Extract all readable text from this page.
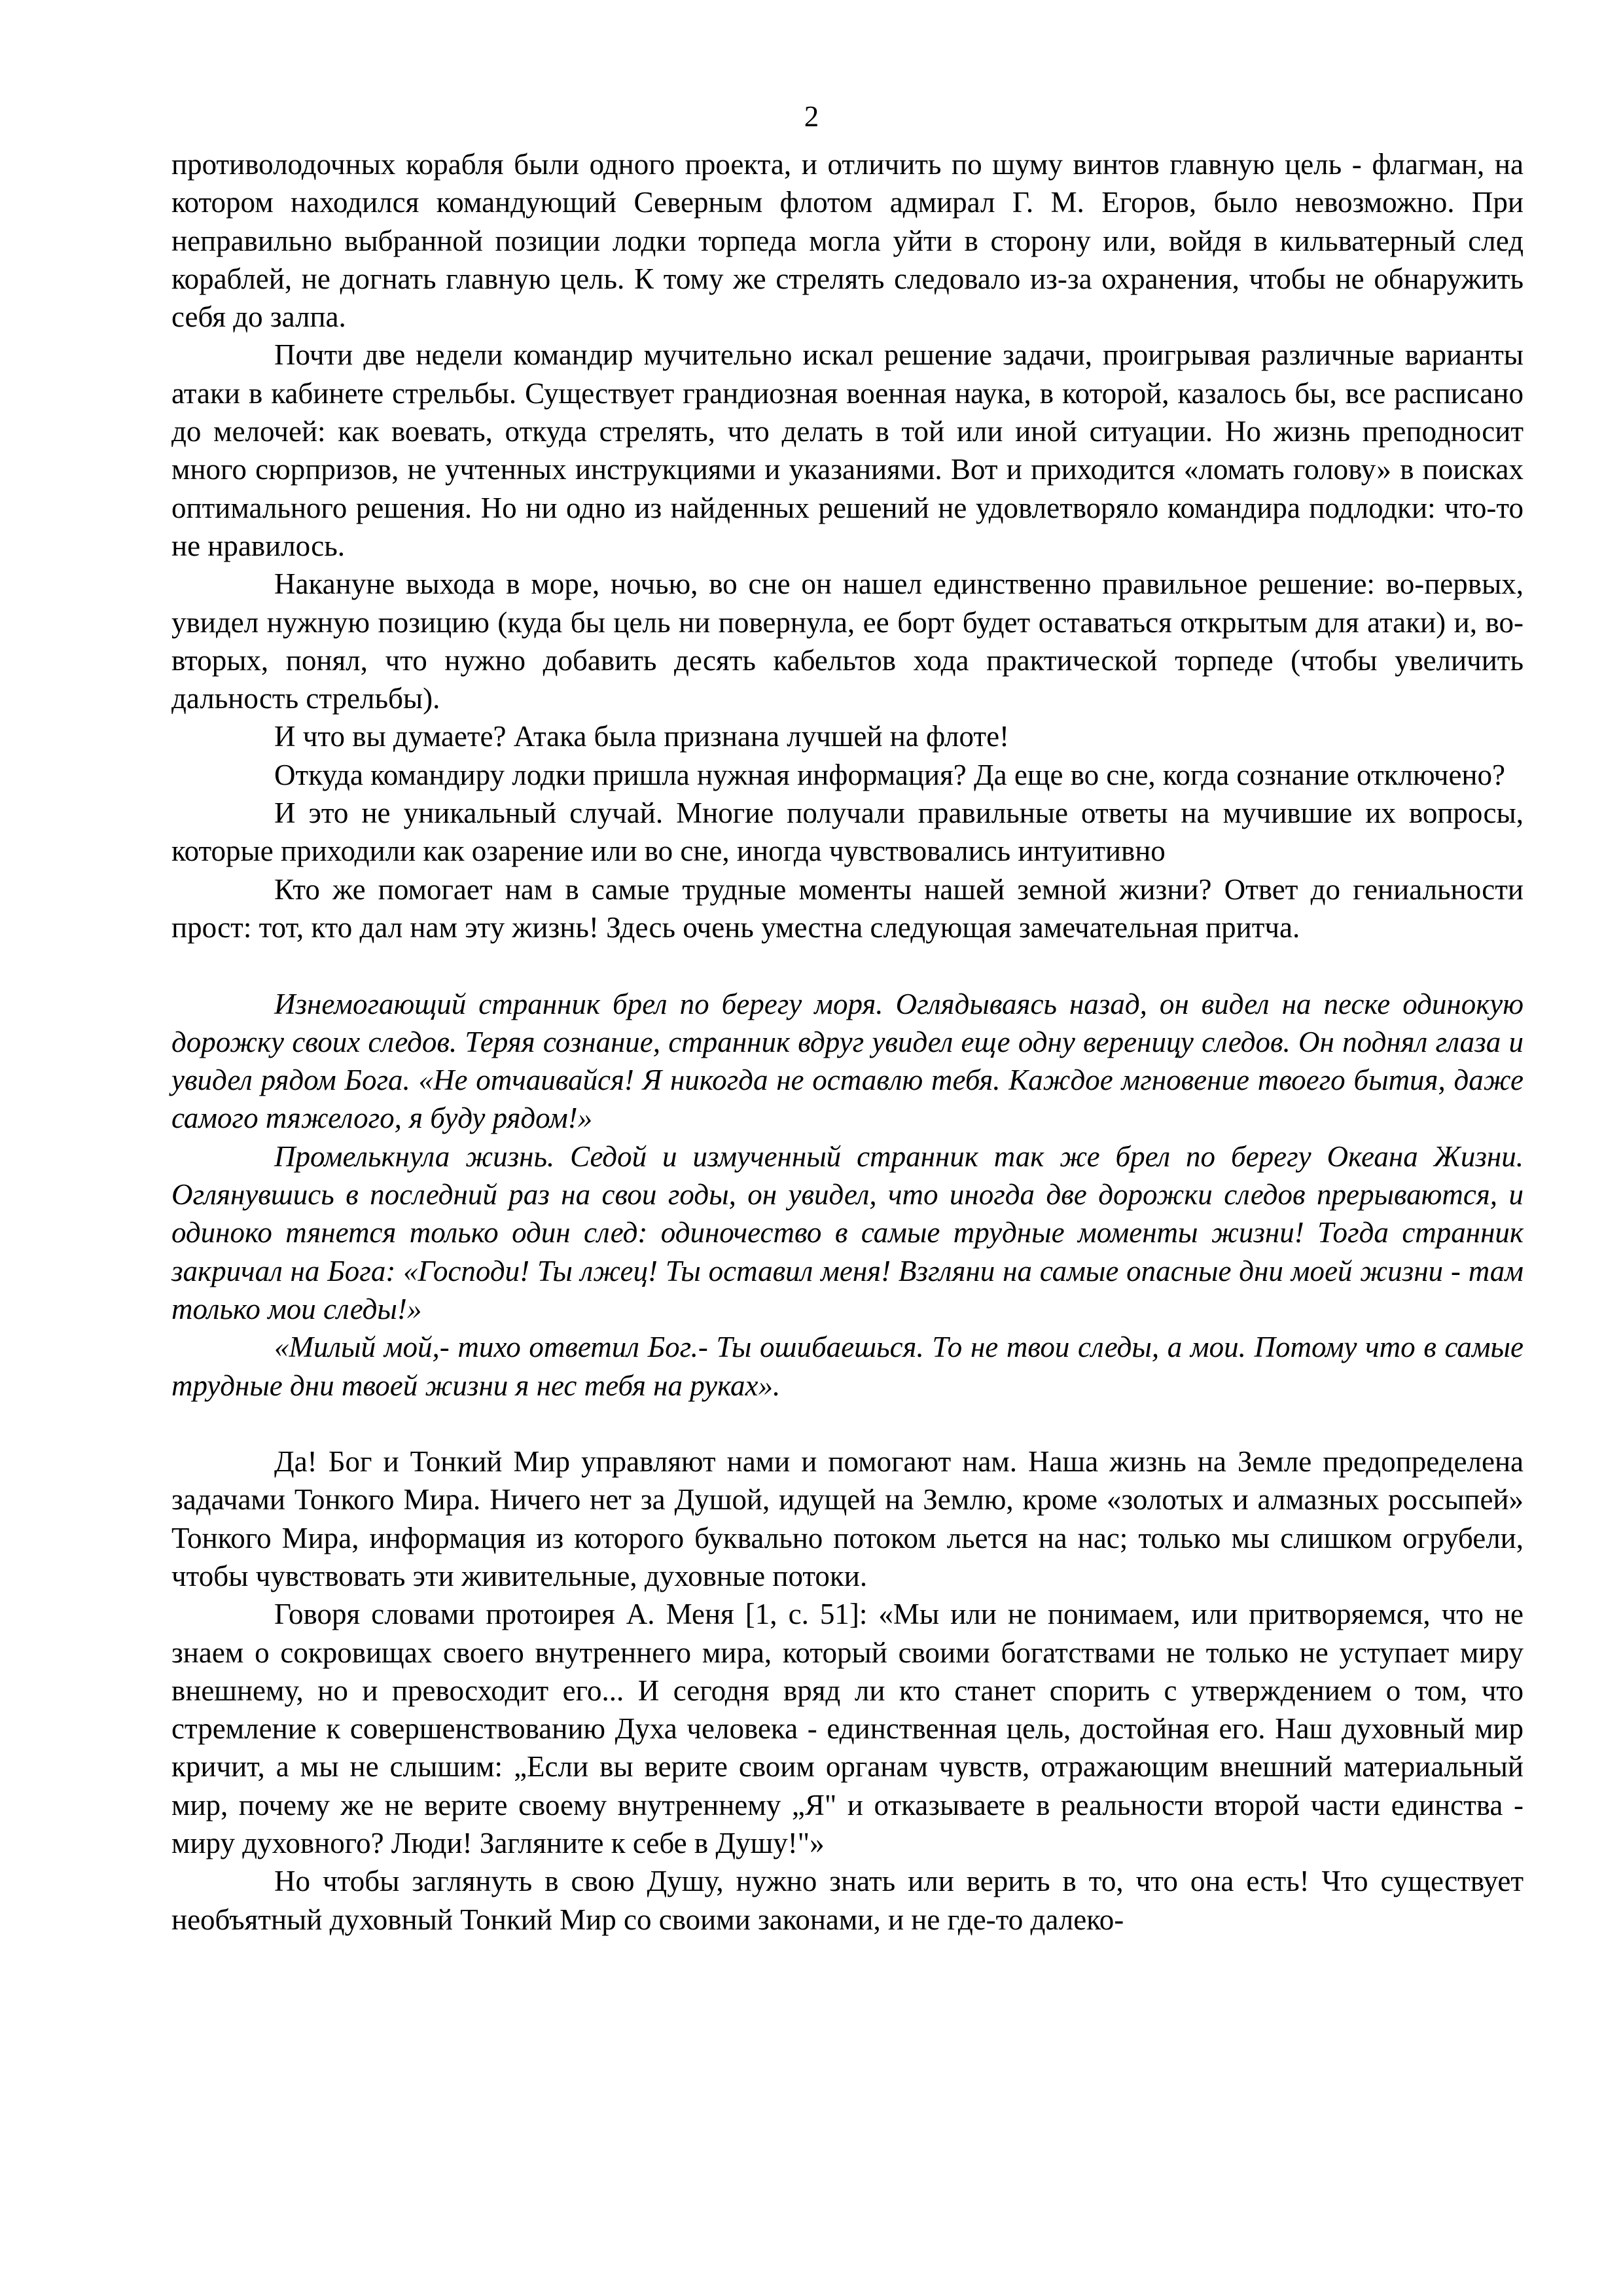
2

противолодочных корабля были одного проекта, и отличить по шуму винтов главную цель - флагман, на котором находился командующий Северным флотом адмирал Г. М. Егоров, было невозможно. При неправильно выбранной позиции лодки торпеда могла уйти в сторону или, войдя в кильватерный след кораблей, не догнать главную цель. К тому же стрелять следовало из-за охранения, чтобы не обнаружить себя до залпа.

Почти две недели командир мучительно искал решение задачи, проигрывая различные варианты атаки в кабинете стрельбы. Существует грандиозная военная наука, в которой, казалось бы, все расписано до мелочей: как воевать, откуда стрелять, что делать в той или иной ситуации. Но жизнь преподносит много сюрпризов, не учтенных инструкциями и указаниями. Вот и приходится «ломать голову» в поисках оптимального решения. Но ни одно из найденных решений не удовлетворяло командира подлодки: что-то не нравилось.

Накануне выхода в море, ночью, во сне он нашел единственно правильное решение: во-первых, увидел нужную позицию (куда бы цель ни повернула, ее борт будет оставаться открытым для атаки) и, во-вторых, понял, что нужно добавить десять кабельтов хода практической торпеде (чтобы увеличить дальность стрельбы).

И что вы думаете? Атака была признана лучшей на флоте!

Откуда командиру лодки пришла нужная информация? Да еще во сне, когда сознание отключено?

И это не уникальный случай. Многие получали правильные ответы на мучившие их вопросы, которые приходили как озарение или во сне, иногда чувствовались интуитивно

Кто же помогает нам в самые трудные моменты нашей земной жизни? Ответ до гениальности прост: тот, кто дал нам эту жизнь! Здесь очень уместна следующая замечательная притча.

Изнемогающий странник брел по берегу моря. Оглядываясь назад, он видел на песке одинокую дорожку своих следов. Теряя сознание, странник вдруг увидел еще одну вереницу следов. Он поднял глаза и увидел рядом Бога. «Не отчаивайся! Я никогда не оставлю тебя. Каждое мгновение твоего бытия, даже самого тяжелого, я буду рядом!»

Промелькнула жизнь. Седой и измученный странник так же брел по берегу Океана Жизни. Оглянувшись в последний раз на свои годы, он увидел, что иногда две дорожки следов прерываются, и одиноко тянется только один след: одиночество в самые трудные моменты жизни! Тогда странник закричал на Бога: «Господи! Ты лжец! Ты оставил меня! Взгляни на самые опасные дни моей жизни - там только мои следы!»

«Милый мой,- тихо ответил Бог.- Ты ошибаешься. То не твои следы, а мои. Потому что в самые трудные дни твоей жизни я нес тебя на руках».

Да! Бог и Тонкий Мир управляют нами и помогают нам. Наша жизнь на Земле предопределена задачами Тонкого Мира. Ничего нет за Душой, идущей на Землю, кроме «золотых и алмазных россыпей» Тонкого Мира, информация из которого буквально потоком льется на нас; только мы слишком огрубели, чтобы чувствовать эти живительные, духовные потоки.

Говоря словами протоирея А. Меня [1, с. 51]: «Мы или не понимаем, или притворяемся, что не знаем о сокровищах своего внутреннего мира, который своими богатствами не только не уступает миру внешнему, но и превосходит его... И сегодня вряд ли кто станет спорить с утверждением о том, что стремление к совершенствованию Духа человека - единственная цель, достойная его. Наш духовный мир кричит, а мы не слышим: „Если вы верите своим органам чувств, отражающим внешний материальный мир, почему же не верите своему внутреннему „Я" и отказываете в реальности второй части единства - миру духовного? Люди! Загляните к себе в Душу!"»

Но чтобы заглянуть в свою Душу, нужно знать или верить в то, что она есть! Что существует необъятный духовный Тонкий Мир со своими законами, и не где-то далеко-
